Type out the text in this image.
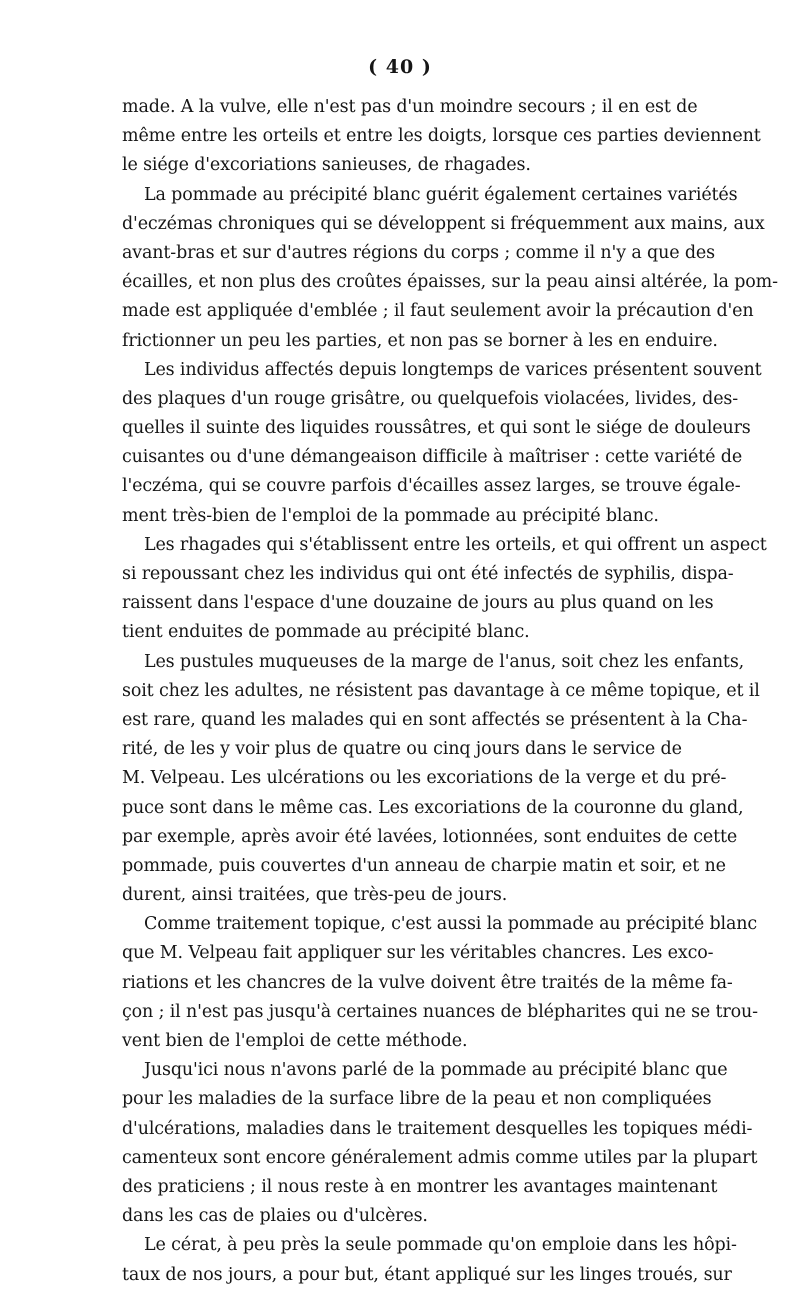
( 40 )
made. A la vulve, elle n'est pas d'un moindre secours ; il en est de
même entre les orteils et entre les doigts, lorsque ces parties deviennent
le siége d'excoriations sanieuses, de rhagades.
La pommade au précipité blanc guérit également certaines variétés
d'eczémas chroniques qui se développent si fréquemment aux mains, aux
avant-bras et sur d'autres régions du corps ; comme il n'y a que des
écailles, et non plus des croûtes épaisses, sur la peau ainsi altérée, la pom-
made est appliquée d'emblée ; il faut seulement avoir la précaution d'en
frictionner un peu les parties, et non pas se borner à les en enduire.
Les individus affectés depuis longtemps de varices présentent souvent
des plaques d'un rouge grisâtre, ou quelquefois violacées, livides, des-
quelles il suinte des liquides roussâtres, et qui sont le siége de douleurs
cuisantes ou d'une démangeaison difficile à maîtriser : cette variété de
l'eczéma, qui se couvre parfois d'écailles assez larges, se trouve égale-
ment très-bien de l'emploi de la pommade au précipité blanc.
Les rhagades qui s'établissent entre les orteils, et qui offrent un aspect
si repoussant chez les individus qui ont été infectés de syphilis, dispa-
raissent dans l'espace d'une douzaine de jours au plus quand on les
tient enduites de pommade au précipité blanc.
Les pustules muqueuses de la marge de l'anus, soit chez les enfants,
soit chez les adultes, ne résistent pas davantage à ce même topique, et il
est rare, quand les malades qui en sont affectés se présentent à la Cha-
rité, de les y voir plus de quatre ou cinq jours dans le service de
M. Velpeau. Les ulcérations ou les excoriations de la verge et du pré-
puce sont dans le même cas. Les excoriations de la couronne du gland,
par exemple, après avoir été lavées, lotionnées, sont enduites de cette
pommade, puis couvertes d'un anneau de charpie matin et soir, et ne
durent, ainsi traitées, que très-peu de jours.
Comme traitement topique, c'est aussi la pommade au précipité blanc
que M. Velpeau fait appliquer sur les véritables chancres. Les exco-
riations et les chancres de la vulve doivent être traités de la même fa-
çon ; il n'est pas jusqu'à certaines nuances de blépharites qui ne se trou-
vent bien de l'emploi de cette méthode.
Jusqu'ici nous n'avons parlé de la pommade au précipité blanc que
pour les maladies de la surface libre de la peau et non compliquées
d'ulcérations, maladies dans le traitement desquelles les topiques médi-
camenteux sont encore généralement admis comme utiles par la plupart
des praticiens ; il nous reste à en montrer les avantages maintenant
dans les cas de plaies ou d'ulcères.
Le cérat, à peu près la seule pommade qu'on emploie dans les hôpi-
taux de nos jours, a pour but, étant appliqué sur les linges troués, sur
